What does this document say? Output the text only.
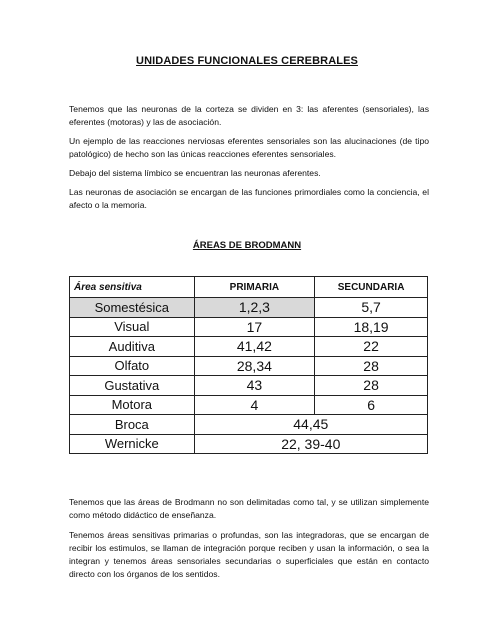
UNIDADES FUNCIONALES CEREBRALES

Tenemos que las neuronas de la corteza se dividen en 3: las aferentes (sensoriales), las eferentes (motoras) y las de asociación.

Un ejemplo de las reacciones nerviosas eferentes sensoriales son las alucinaciones (de tipo patológico) de hecho son las únicas reacciones eferentes sensoriales.

Debajo del sistema límbico se encuentran las neuronas aferentes.

Las neuronas de asociación se encargan de las funciones primordiales como la conciencia, el afecto o la memoria.

ÁREAS DE BRODMANN
Área sensitiva	PRIMARIA	SECUNDARIA
Somestésica	1,2,3	5,7
Visual	17	18,19
Auditiva	41,42	22
Olfato	28,34	28
Gustativa	43	28
Motora	4	6
Broca	44,45	
Wernicke	22, 39-40	

Tenemos que las áreas de Brodmann no son delimitadas como tal, y se utilizan simplemente como método didáctico de enseñanza.

Tenemos áreas sensitivas primarias o profundas, son las integradoras, que se encargan de recibir los estimulos, se llaman de integración porque reciben y usan la información, o sea la integran y tenemos áreas sensoriales secundarias o superficiales que están en contacto directo con los órganos de los sentidos.
